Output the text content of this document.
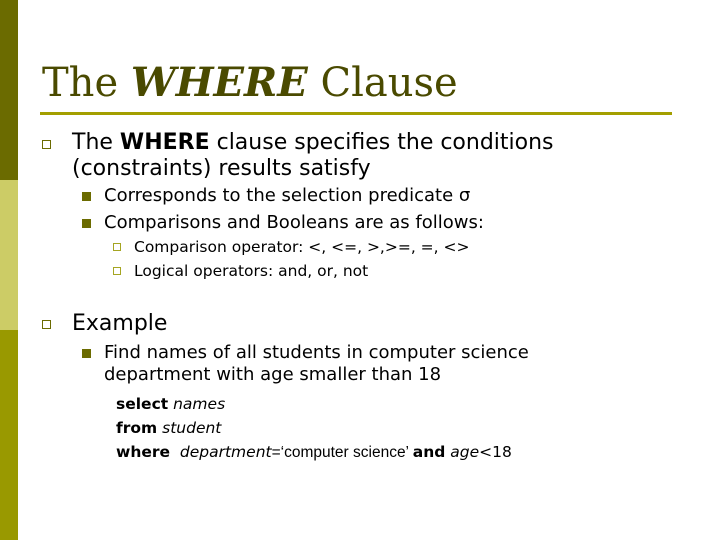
The WHERE Clause
The WHERE clause specifies the conditions
(constraints) results satisfy
Corresponds to the selection predicate σ
Comparisons and Booleans are as follows:
Comparison operator: <, <=, >,>=, =, <>
Logical operators: and, or, not
Example
Find names of all students in computer science
department with age smaller than 18
select names
from student
where department=‘computer science’ and age<18
